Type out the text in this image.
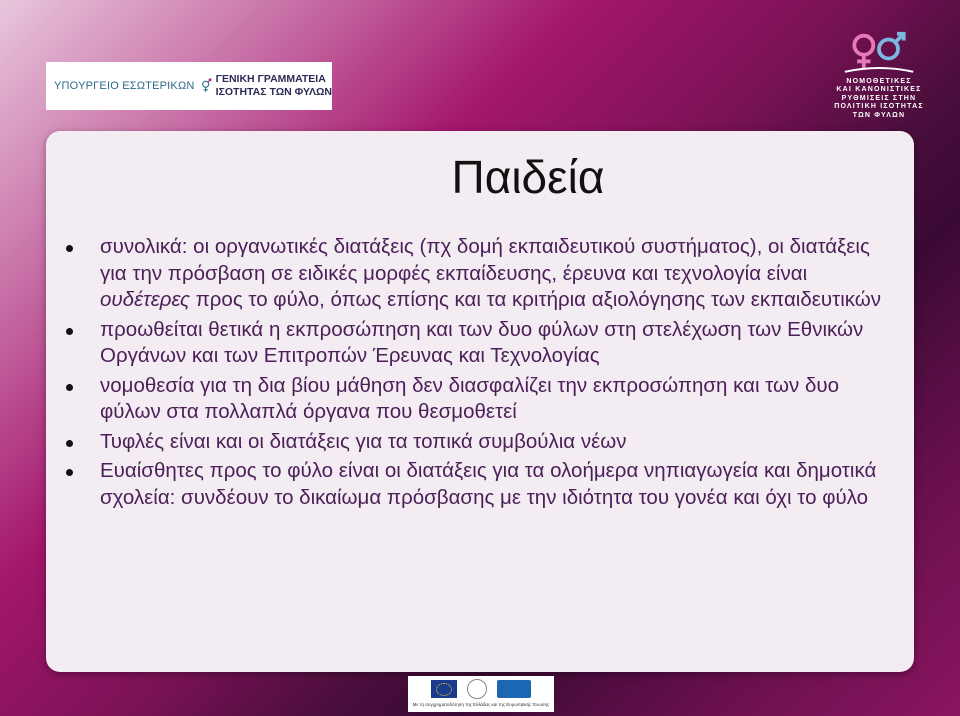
ΥΠΟΥΡΓΕΙΟ ΕΣΩΤΕΡΙΚΩΝ
ΓΕΝΙΚΗ ΓΡΑΜΜΑΤΕΙΑ
ΙΣΟΤΗΤΑΣ ΤΩΝ ΦΥΛΩΝ
ΝΟΜΟΘΕΤΙΚΕΣ
ΚΑΙ ΚΑΝΟΝΙΣΤΙΚΕΣ
ΡΥΘΜΙΣΕΙΣ ΣΤΗΝ
ΠΟΛΙΤΙΚΗ ΙΣΟΤΗΤΑΣ
ΤΩΝ ΦΥΛΩΝ
Παιδεία
συνολικά: οι οργανωτικές διατάξεις (πχ δομή εκπαιδευτικού συστήματος), οι διατάξεις για την πρόσβαση σε ειδικές μορφές εκπαίδευσης, έρευνα και τεχνολογία είναι ουδέτερες προς το φύλο, όπως επίσης και τα κριτήρια αξιολόγησης των εκπαιδευτικών
προωθείται θετικά η εκπροσώπηση και των δυο φύλων στη στελέχωση των Εθνικών Οργάνων και των Επιτροπών Έρευνας και Τεχνολογίας
νομοθεσία για τη δια βίου μάθηση δεν διασφαλίζει την εκπροσώπηση και των δυο φύλων στα πολλαπλά όργανα που θεσμοθετεί
Τυφλές είναι και οι διατάξεις για τα τοπικά συμβούλια νέων
Ευαίσθητες προς το φύλο είναι οι διατάξεις για τα ολοήμερα νηπιαγωγεία και δημοτικά σχολεία: συνδέουν το δικαίωμα πρόσβασης με την ιδιότητα του γονέα και όχι το φύλο
Με τη συγχρηματοδότηση της Ελλάδας και της Ευρωπαϊκής Ένωσης
